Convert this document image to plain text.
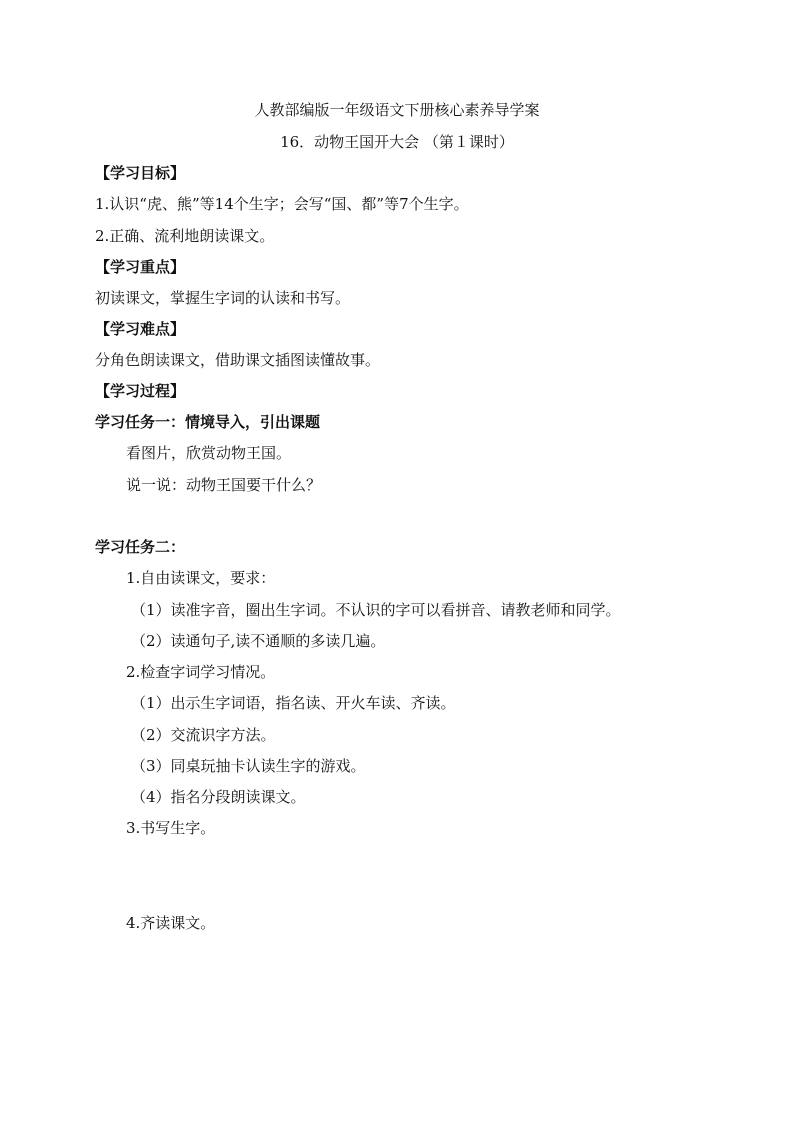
人教部编版一年级语文下册核心素养导学案
16．动物王国开大会 （第１课时）
【学习目标】
1.认识“虎、熊”等14个生字；会写“国、都”等7个生字。
2.正确、流利地朗读课文。
【学习重点】
初读课文，掌握生字词的认读和书写。
【学习难点】
分角色朗读课文，借助课文插图读懂故事。
【学习过程】
学习任务一：情境导入，引出课题
看图片，欣赏动物王国。
说一说：动物王国要干什么？
学习任务二：
1.自由读课文，要求：
（1）读准字音，圈出生字词。不认识的字可以看拼音、请教老师和同学。
（2）读通句子,读不通顺的多读几遍。
2.检查字词学习情况。
（1）出示生字词语，指名读、开火车读、齐读。
（2）交流识字方法。
（3）同桌玩抽卡认读生字的游戏。
（4）指名分段朗读课文。
3.书写生字。
4.齐读课文。
